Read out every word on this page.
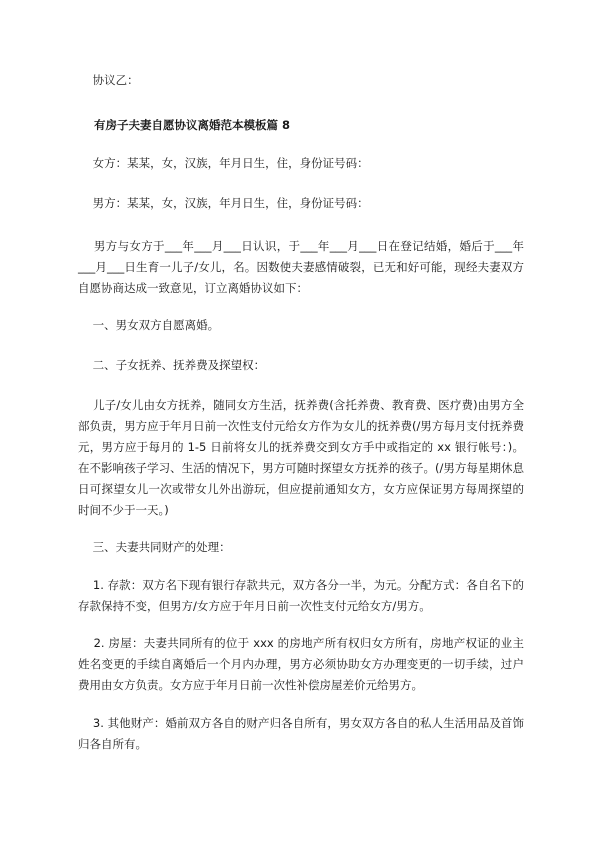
协议乙：

有房子夫妻自愿协议离婚范本模板篇 8

女方：某某，女，汉族，年月日生，住，身份证号码：

男方：某某，女，汉族，年月日生，住，身份证号码：

男方与女方于___年___月___日认识，于___年___月___日在登记结婚，婚后于___年___月___日生育一儿子/女儿，名。因数使夫妻感情破裂，已无和好可能，现经夫妻双方自愿协商达成一致意见，订立离婚协议如下：

一、男女双方自愿离婚。

二、子女抚养、抚养费及探望权：

儿子/女儿由女方抚养，随同女方生活，抚养费(含托养费、教育费、医疗费)由男方全部负责，男方应于年月日前一次性支付元给女方作为女儿的抚养费(/男方每月支付抚养费元，男方应于每月的 1-5 日前将女儿的抚养费交到女方手中或指定的 xx 银行帐号：)。在不影响孩子学习、生活的情况下，男方可随时探望女方抚养的孩子。(/男方每星期休息日可探望女儿一次或带女儿外出游玩，但应提前通知女方，女方应保证男方每周探望的时间不少于一天。)

三、夫妻共同财产的处理：

1. 存款：双方名下现有银行存款共元，双方各分一半，为元。分配方式：各自名下的存款保持不变，但男方/女方应于年月日前一次性支付元给女方/男方。

2. 房屋：夫妻共同所有的位于 xxx 的房地产所有权归女方所有，房地产权证的业主姓名变更的手续自离婚后一个月内办理，男方必须协助女方办理变更的一切手续，过户费用由女方负责。女方应于年月日前一次性补偿房屋差价元给男方。

3. 其他财产：婚前双方各自的财产归各自所有，男女双方各自的私人生活用品及首饰归各自所有。
